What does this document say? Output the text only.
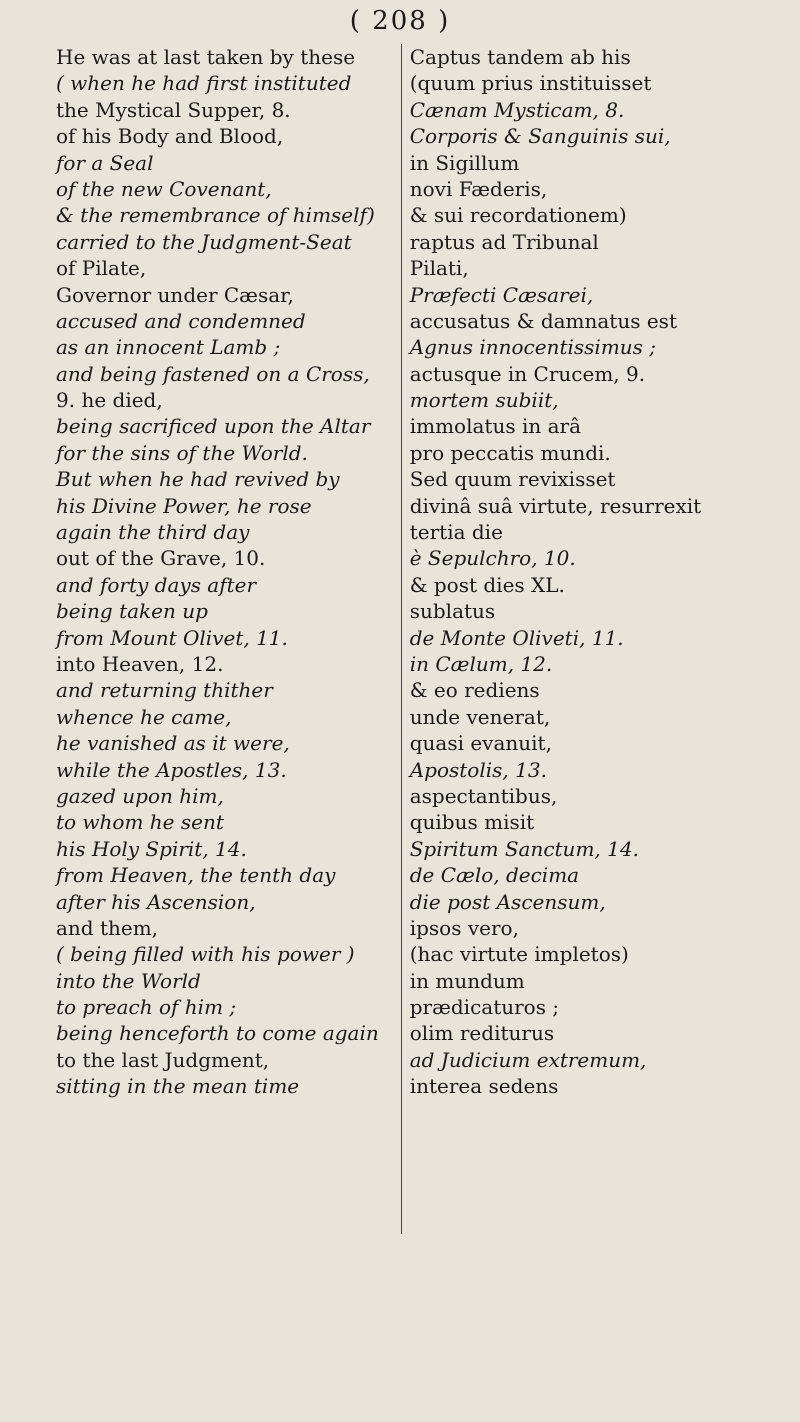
( 208 )
He was at last taken by these	Captus tandem ab his
( when he had first instituted	(quum prius instituisset
the Mystical Supper, 8.	Cænam Mysticam, 8.
of his Body and Blood,	Corporis & Sanguinis sui,
for a Seal	in Sigillum
of the new Covenant,	novi Fæderis,
& the remembrance of himself)	& sui recordationem)
carried to the Judgment-Seat	raptus ad Tribunal
of Pilate,	Pilati,
Governor under Cæsar,	Præfecti Cæsarei,
accused and condemned	accusatus & damnatus est
as an innocent Lamb ;	Agnus innocentissimus ;
and being fastened on a Cross,	actusque in Crucem, 9.
9. he died,	mortem subiit,
being sacrificed upon the Altar	immolatus in arâ
for the sins of the World.	pro peccatis mundi.
But when he had revived by	Sed quum revixisset
his Divine Power, he rose	divinâ suâ virtute, resurrexit
again the third day	tertia die
out of the Grave, 10.	è Sepulchro, 10.
and forty days after	& post dies XL.
being taken up	sublatus
from Mount Olivet, 11.	de Monte Oliveti, 11.
into Heaven, 12.	in Cælum, 12.
and returning thither	& eo rediens
whence he came,	unde venerat,
he vanished as it were,	quasi evanuit,
while the Apostles, 13.	Apostolis, 13.
gazed upon him,	aspectantibus,
to whom he sent	quibus misit
his Holy Spirit, 14.	Spiritum Sanctum, 14.
from Heaven, the tenth day	de Cælo, decima
after his Ascension,	die post Ascensum,
and them,	ipsos vero,
( being filled with his power )	(hac virtute impletos)
into the World	in mundum
to preach of him ;	prædicaturos ;
being henceforth to come again	olim rediturus
to the last Judgment,	ad Judicium extremum,
sitting in the mean time	interea sedens
